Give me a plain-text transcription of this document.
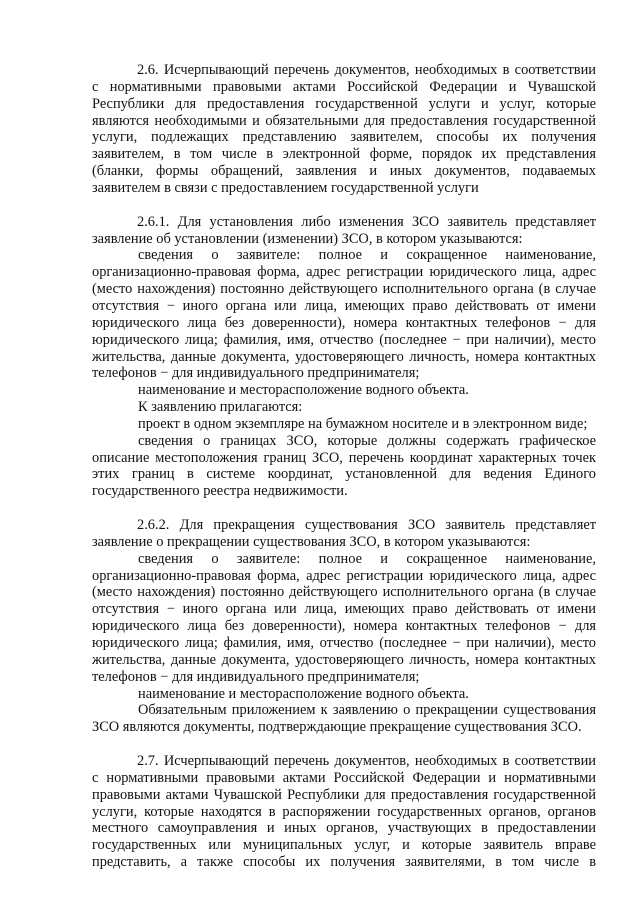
2.6. Исчерпывающий перечень документов, необходимых в соответствии с нормативными правовыми актами Российской Федерации и Чувашской Республики для предоставления государственной услуги и услуг, которые являются необходимыми и обязательными для предоставления государственной услуги, подлежащих представлению заявителем, способы их получения заявителем, в том числе в электронной форме, порядок их представления (бланки, формы обращений, заявления и иных документов, подаваемых заявителем в связи с предоставлением государственной услуги

2.6.1. Для установления либо изменения ЗСО заявитель представляет заявление об установлении (изменении) ЗСО, в котором указываются:

сведения о заявителе: полное и сокращенное наименование, организационно-правовая форма, адрес регистрации юридического лица, адрес (место нахождения) постоянно действующего исполнительного органа (в случае отсутствия − иного органа или лица, имеющих право действовать от имени юридического лица без доверенности), номера контактных телефонов − для юридического лица; фамилия, имя, отчество (последнее − при наличии), место жительства, данные документа, удостоверяющего личность, номера контактных телефонов − для индивидуального предпринимателя;

наименование и месторасположение водного объекта.

К заявлению прилагаются:

проект в одном экземпляре на бумажном носителе и в электронном виде;

сведения о границах ЗСО, которые должны содержать графическое описание местоположения границ ЗСО, перечень координат характерных точек этих границ в системе координат, установленной для ведения Единого государственного реестра недвижимости.

2.6.2. Для прекращения существования ЗСО заявитель представляет заявление о прекращении существования ЗСО, в котором указываются:

сведения о заявителе: полное и сокращенное наименование, организационно-правовая форма, адрес регистрации юридического лица, адрес (место нахождения) постоянно действующего исполнительного органа (в случае отсутствия − иного органа или лица, имеющих право действовать от имени юридического лица без доверенности), номера контактных телефонов − для юридического лица; фамилия, имя, отчество (последнее − при наличии), место жительства, данные документа, удостоверяющего личность, номера контактных телефонов − для индивидуального предпринимателя;

наименование и месторасположение водного объекта.

Обязательным приложением к заявлению о прекращении существования ЗСО являются документы, подтверждающие прекращение существования ЗСО.

2.7. Исчерпывающий перечень документов, необходимых в соответствии с нормативными правовыми актами Российской Федерации и нормативными правовыми актами Чувашской Республики для предоставления государственной услуги, которые находятся в распоряжении государственных органов, органов местного самоуправления и иных органов, участвующих в предоставлении государственных или муниципальных услуг, и которые заявитель вправе представить, а также способы их получения заявителями, в том числе в
